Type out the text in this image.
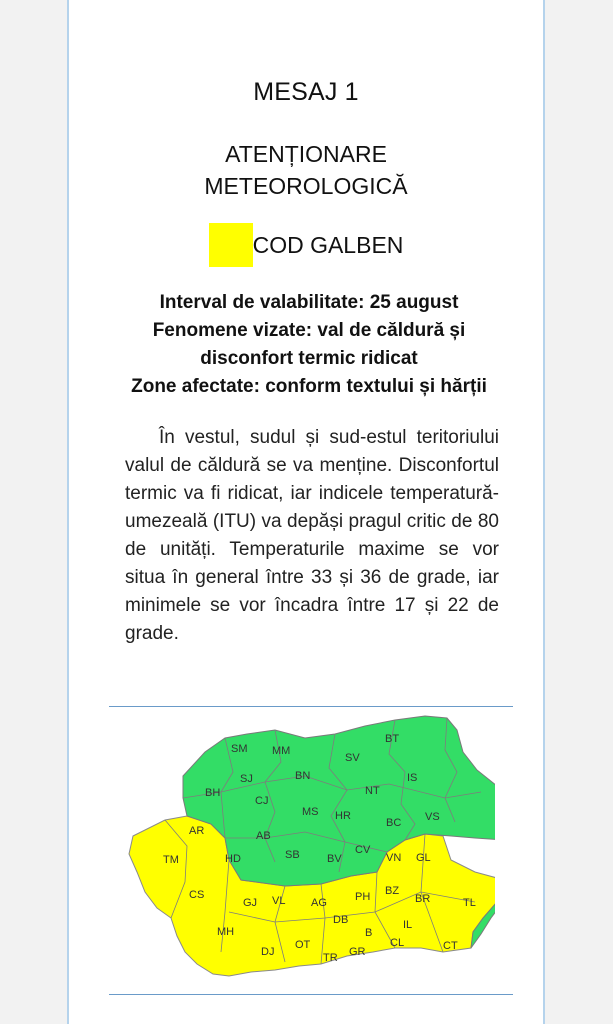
MESAJ 1
ATENȚIONARE
METEOROLOGICĂ
COD GALBEN
Interval de valabilitate: 25 august
Fenomene vizate: val de căldură și
disconfort termic ridicat
Zone afectate: conform textului și hărții
În vestul, sudul și sud-estul teritoriului valul de căldură se va menține. Disconfortul termic va fi ridicat, iar indicele temperatură-umezeală (ITU) va depăși pragul critic de 80 de unități. Temperaturile maxime se vor situa în general între 33 și 36 de grade, iar minimele se vor încadra între 17 și 22 de grade.
SM MM
BT
SJ	BN
SV
IS
BH
CJ
NT
MS HR	VS
BC
AR	AB
HD	SB BV
CV
VN GL
TM
CS
GJ VL AG	PH BZ
BR	TL
DB
MH
IL
B
DJ
OT
GR
TR
CL	CT
